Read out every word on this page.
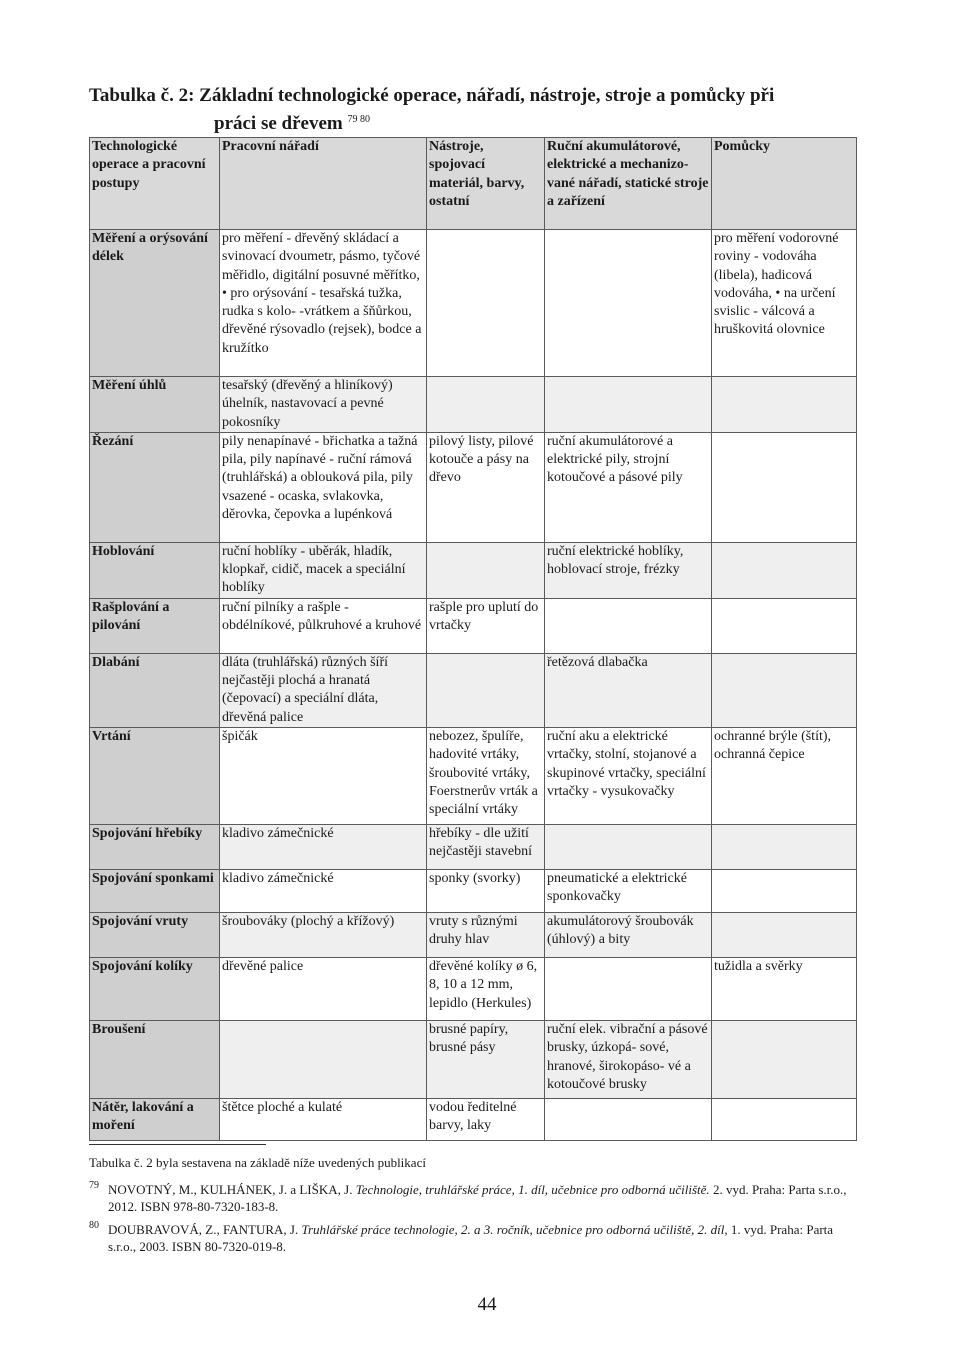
Tabulka č. 2: Základní technologické operace, nářadí, nástroje, stroje a pomůcky při
práci se dřevem $^{79 80}$
Technologické operace a pracovní postupy	Pracovní nářadí	Nástroje, spojovací materiál, barvy, ostatní	Ruční akumulátorové, elektrické a mechanizo- vané nářadí, statické stroje a zařízení	Pomůcky
Měření a orýsování délek	pro měření - dřevěný skládací a svinovací dvoumetr, pásmo, tyčové měřidlo, digitální posuvné měřítko, • pro orýsování - tesařská tužka, rudka s kolo- -vrátkem a šňůrkou, dřevěné rýsovadlo (rejsek), bodce a kružítko			pro měření vodorovné roviny - vodováha (libela), hadicová vodováha, • na určení svislic - válcová a hruškovitá olovnice
Měření úhlů	tesařský (dřevěný a hliníkový) úhelník, nastavovací a pevné pokosníky			
Řezání	pily nenapínavé - břichatka a tažná pila, pily napínavé - ruční rámová (truhlářská) a oblouková pila, pily vsazené - ocaska, svlakovka, děrovka, čepovka a lupénková	pilový listy, pilové kotouče a pásy na dřevo	ruční akumulátorové a elektrické pily, strojní kotoučové a pásové pily	
Hoblování	ruční hoblíky - uběrák, hladík, klopkař, cidič, macek a speciální hoblíky		ruční elektrické hoblíky, hoblovací stroje, frézky	
Rašplování a pilování	ruční pilníky a rašple - obdélníkové, půlkruhové a kruhové	rašple pro uplutí do vrtačky		
Dlabání	dláta (truhlářská) různých šíří nejčastěji plochá a hranatá (čepovací) a speciální dláta, dřevěná palice		řetězová dlabačka	
Vrtání	špičák	nebozez, špulíře, hadovité vrtáky, šroubovité vrtáky, Foerstnerův vrták a speciální vrtáky	ruční aku a elektrické vrtačky, stolní, stojanové a skupinové vrtačky, speciální vrtačky - vysukovačky	ochranné brýle (štít), ochranná čepice
Spojování hřebíky	kladivo zámečnické	hřebíky - dle užití nejčastěji stavební		
Spojování sponkami	kladivo zámečnické	sponky (svorky)	pneumatické a elektrické sponkovačky	
Spojování vruty	šroubováky (plochý a křížový)	vruty s různými druhy hlav	akumulátorový šroubovák (úhlový) a bity	
Spojování kolíky	dřevěné palice	dřevěné kolíky ø 6, 8, 10 a 12 mm, lepidlo (Herkules)		tužidla a svěrky
Broušení		brusné papíry, brusné pásy	ruční elek. vibrační a pásové brusky, úzkopá- sové, hranové, širokopáso- vé a kotoučové brusky	
Nátěr, lakování a moření	štětce ploché a kulaté	vodou ředitelné barvy, laky		
Tabulka č. 2 byla sestavena na základě níže uvedených publikací
79 NOVOTNÝ, M., KULHÁNEK, J. a LIŠKA, J. Technologie, truhlářské práce, 1. díl, učebnice pro odborná učiliště. 2. vyd. Praha: Parta s.r.o., 2012. ISBN 978-80-7320-183-8.
80 DOUBRAVOVÁ, Z., FANTURA, J. Truhlářské práce technologie, 2. a 3. ročník, učebnice pro odborná učiliště, 2. díl, 1. vyd. Praha: Parta s.r.o., 2003. ISBN 80-7320-019-8.
44
